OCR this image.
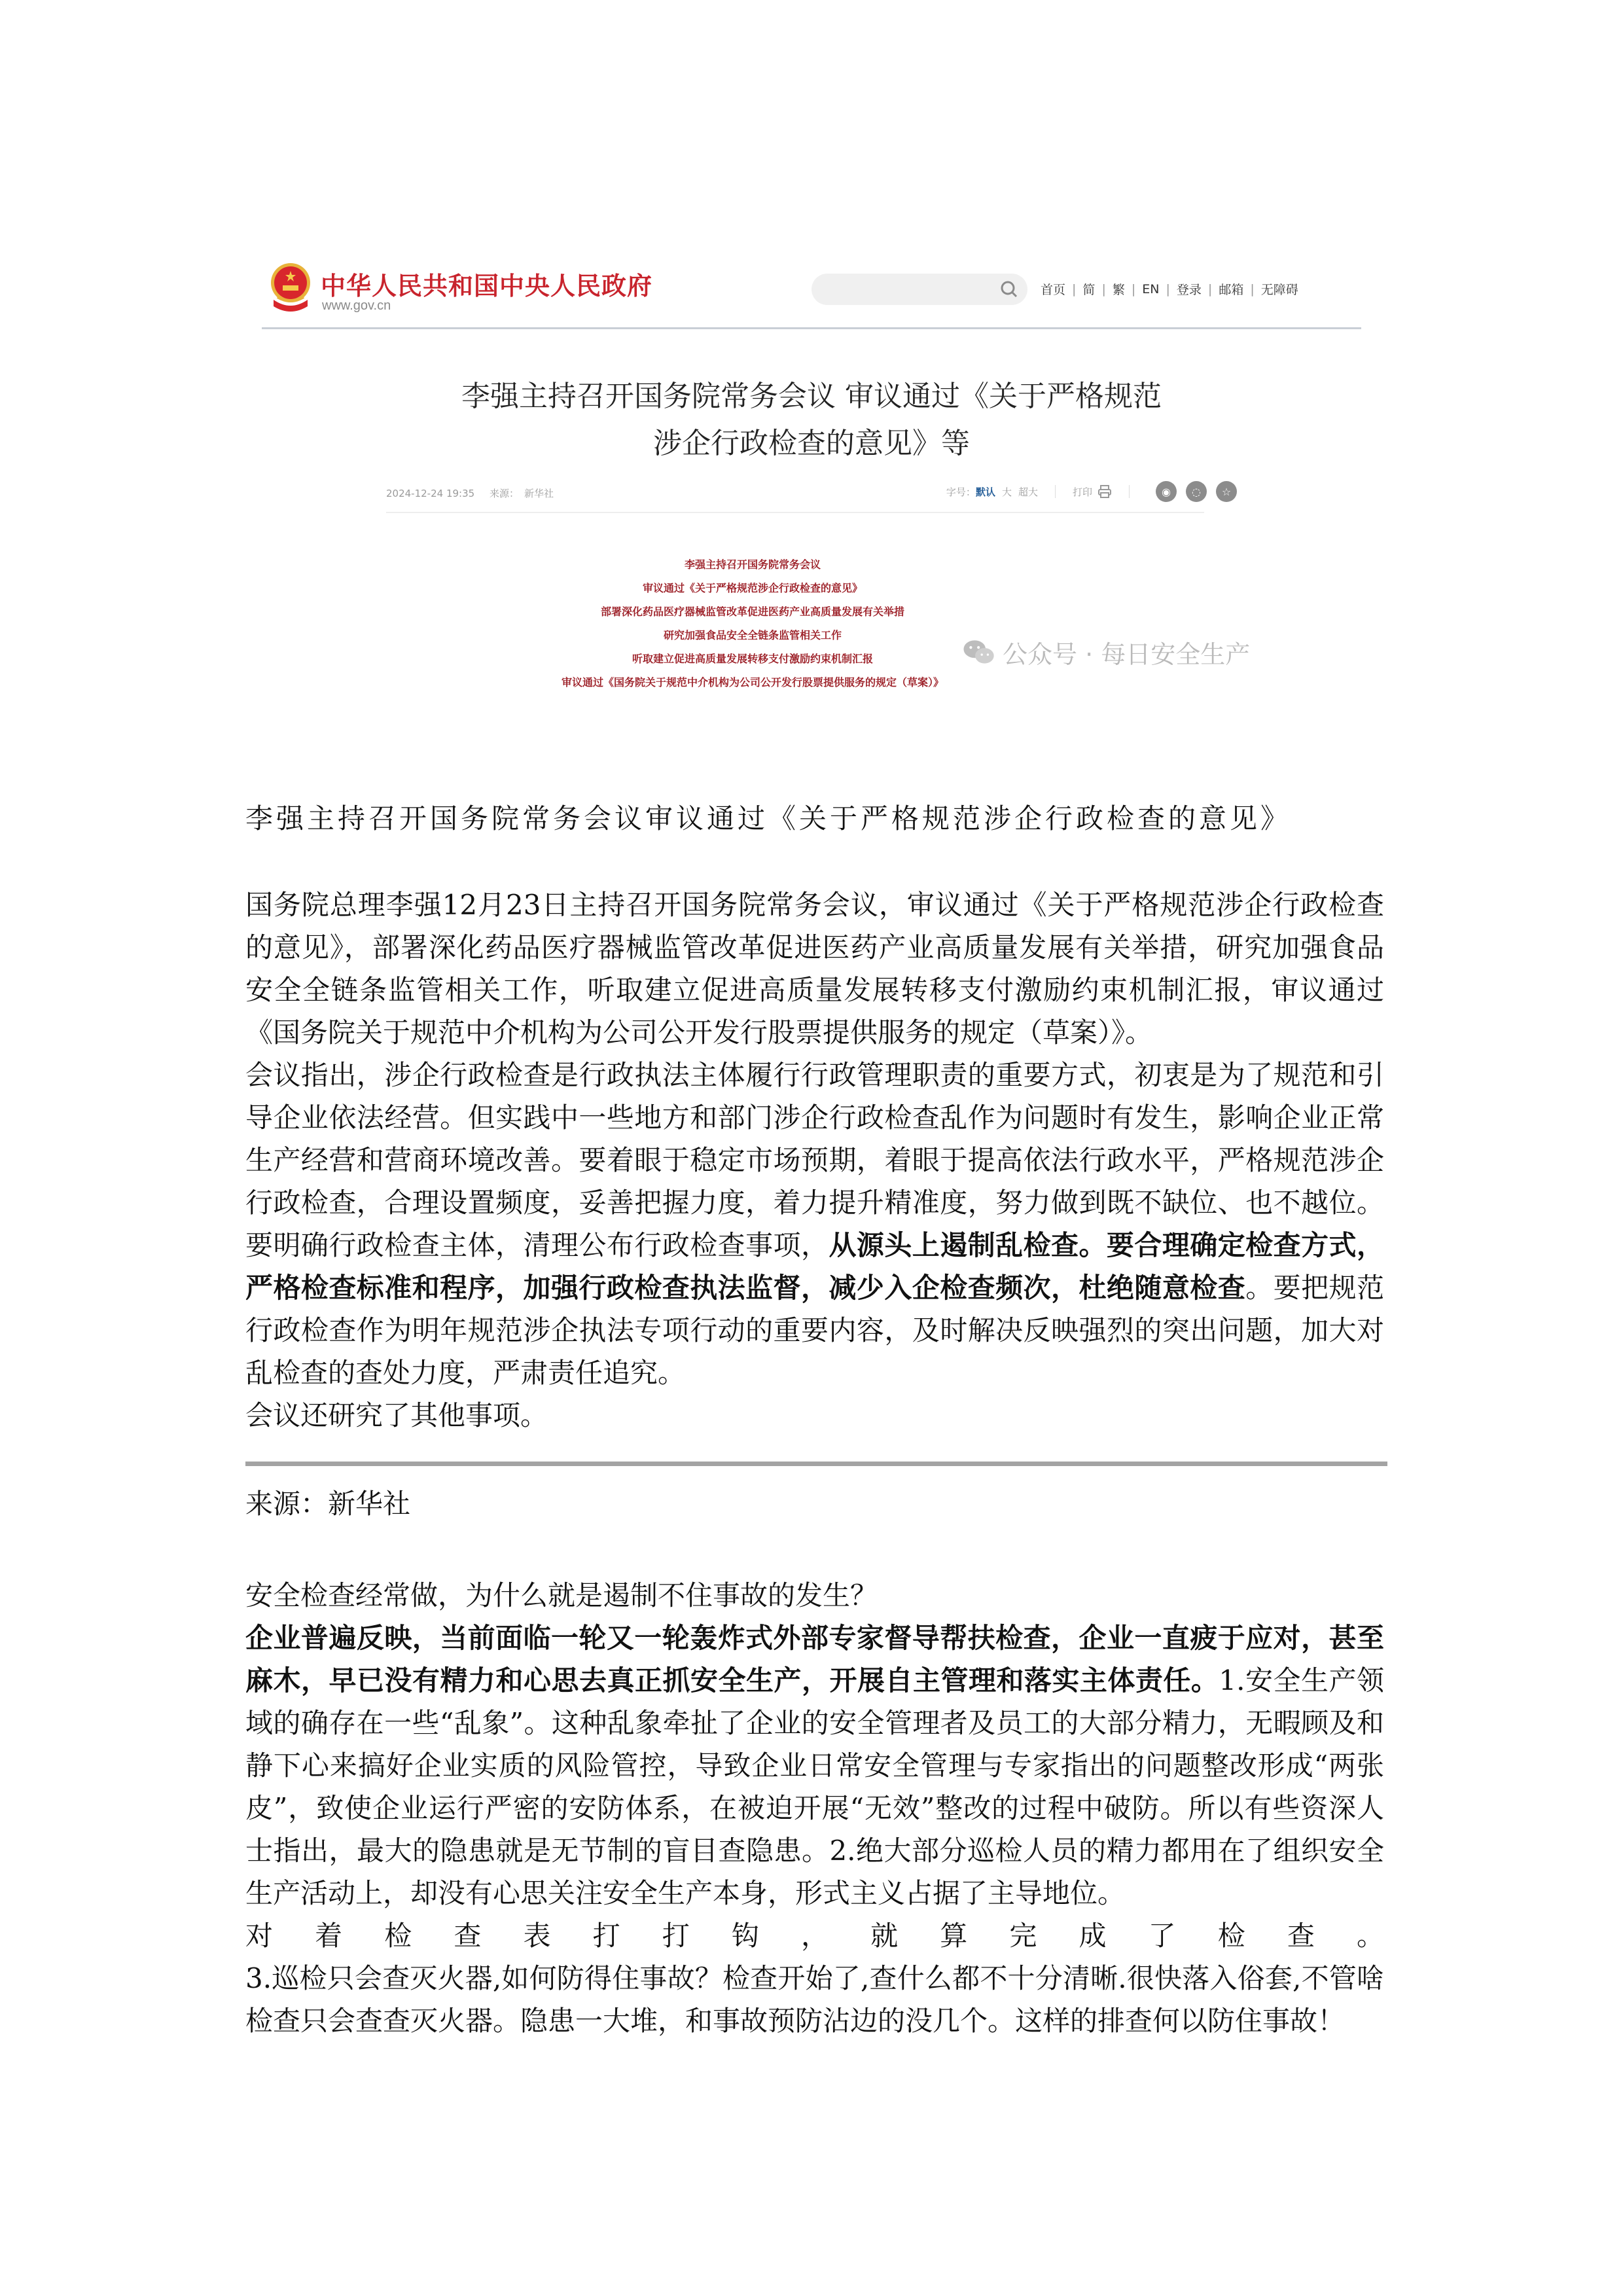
中华人民共和国中央人民政府
www.gov.cn
首页 | 简 | 繁 | EN | 登录 | 邮箱 | 无障碍
李强主持召开国务院常务会议 审议通过《关于严格规范
涉企行政检查的意见》等
2024-12-24 19:35 来源： 新华社	字号： 默认 大 超大	打印	◉	◌	☆
李强主持召开国务院常务会议
审议通过《关于严格规范涉企行政检查的意见》
部署深化药品医疗器械监管改革促进医药产业高质量发展有关举措
研究加强食品安全全链条监管相关工作
听取建立促进高质量发展转移支付激励约束机制汇报
审议通过《国务院关于规范中介机构为公司公开发行股票提供服务的规定（草案）》
公众号 · 每日安全生产
李强主持召开国务院常务会议审议通过《关于严格规范涉企行政检查的意见》
国务院总理李强12月23日主持召开国务院常务会议，审议通过《关于严格规范涉企行政检查的意见》，部署深化药品医疗器械监管改革促进医药产业高质量发展有关举措，研究加强食品安全全链条监管相关工作，听取建立促进高质量发展转移支付激励约束机制汇报，审议通过《国务院关于规范中介机构为公司公开发行股票提供服务的规定（草案）》。
会议指出，涉企行政检查是行政执法主体履行行政管理职责的重要方式，初衷是为了规范和引导企业依法经营。但实践中一些地方和部门涉企行政检查乱作为问题时有发生，影响企业正常生产经营和营商环境改善。要着眼于稳定市场预期，着眼于提高依法行政水平，严格规范涉企行政检查，合理设置频度，妥善把握力度，着力提升精准度，努力做到既不缺位、也不越位。要明确行政检查主体，清理公布行政检查事项，从源头上遏制乱检查。要合理确定检查方式，严格检查标准和程序，加强行政检查执法监督，减少入企检查频次，杜绝随意检查。要把规范行政检查作为明年规范涉企执法专项行动的重要内容，及时解决反映强烈的突出问题，加大对乱检查的查处力度，严肃责任追究。
会议还研究了其他事项。
来源：新华社
安全检查经常做，为什么就是遏制不住事故的发生？
企业普遍反映，当前面临一轮又一轮轰炸式外部专家督导帮扶检查，企业一直疲于应对，甚至麻木，早已没有精力和心思去真正抓安全生产，开展自主管理和落实主体责任。1.安全生产领域的确存在一些“乱象”。这种乱象牵扯了企业的安全管理者及员工的大部分精力，无暇顾及和静下心来搞好企业实质的风险管控，导致企业日常安全管理与专家指出的问题整改形成“两张皮”，致使企业运行严密的安防体系，在被迫开展“无效”整改的过程中破防。所以有些资深人士指出，最大的隐患就是无节制的盲目查隐患。2.绝大部分巡检人员的精力都用在了组织安全生产活动上，却没有心思关注安全生产本身，形式主义占据了主导地位。
对着检查表打打钩，就算完成了检查。
3.巡检只会查灭火器,如何防得住事故？检查开始了,查什么都不十分清晰.很快落入俗套,不管啥检查只会查查灭火器。隐患一大堆，和事故预防沾边的没几个。这样的排查何以防住事故！
